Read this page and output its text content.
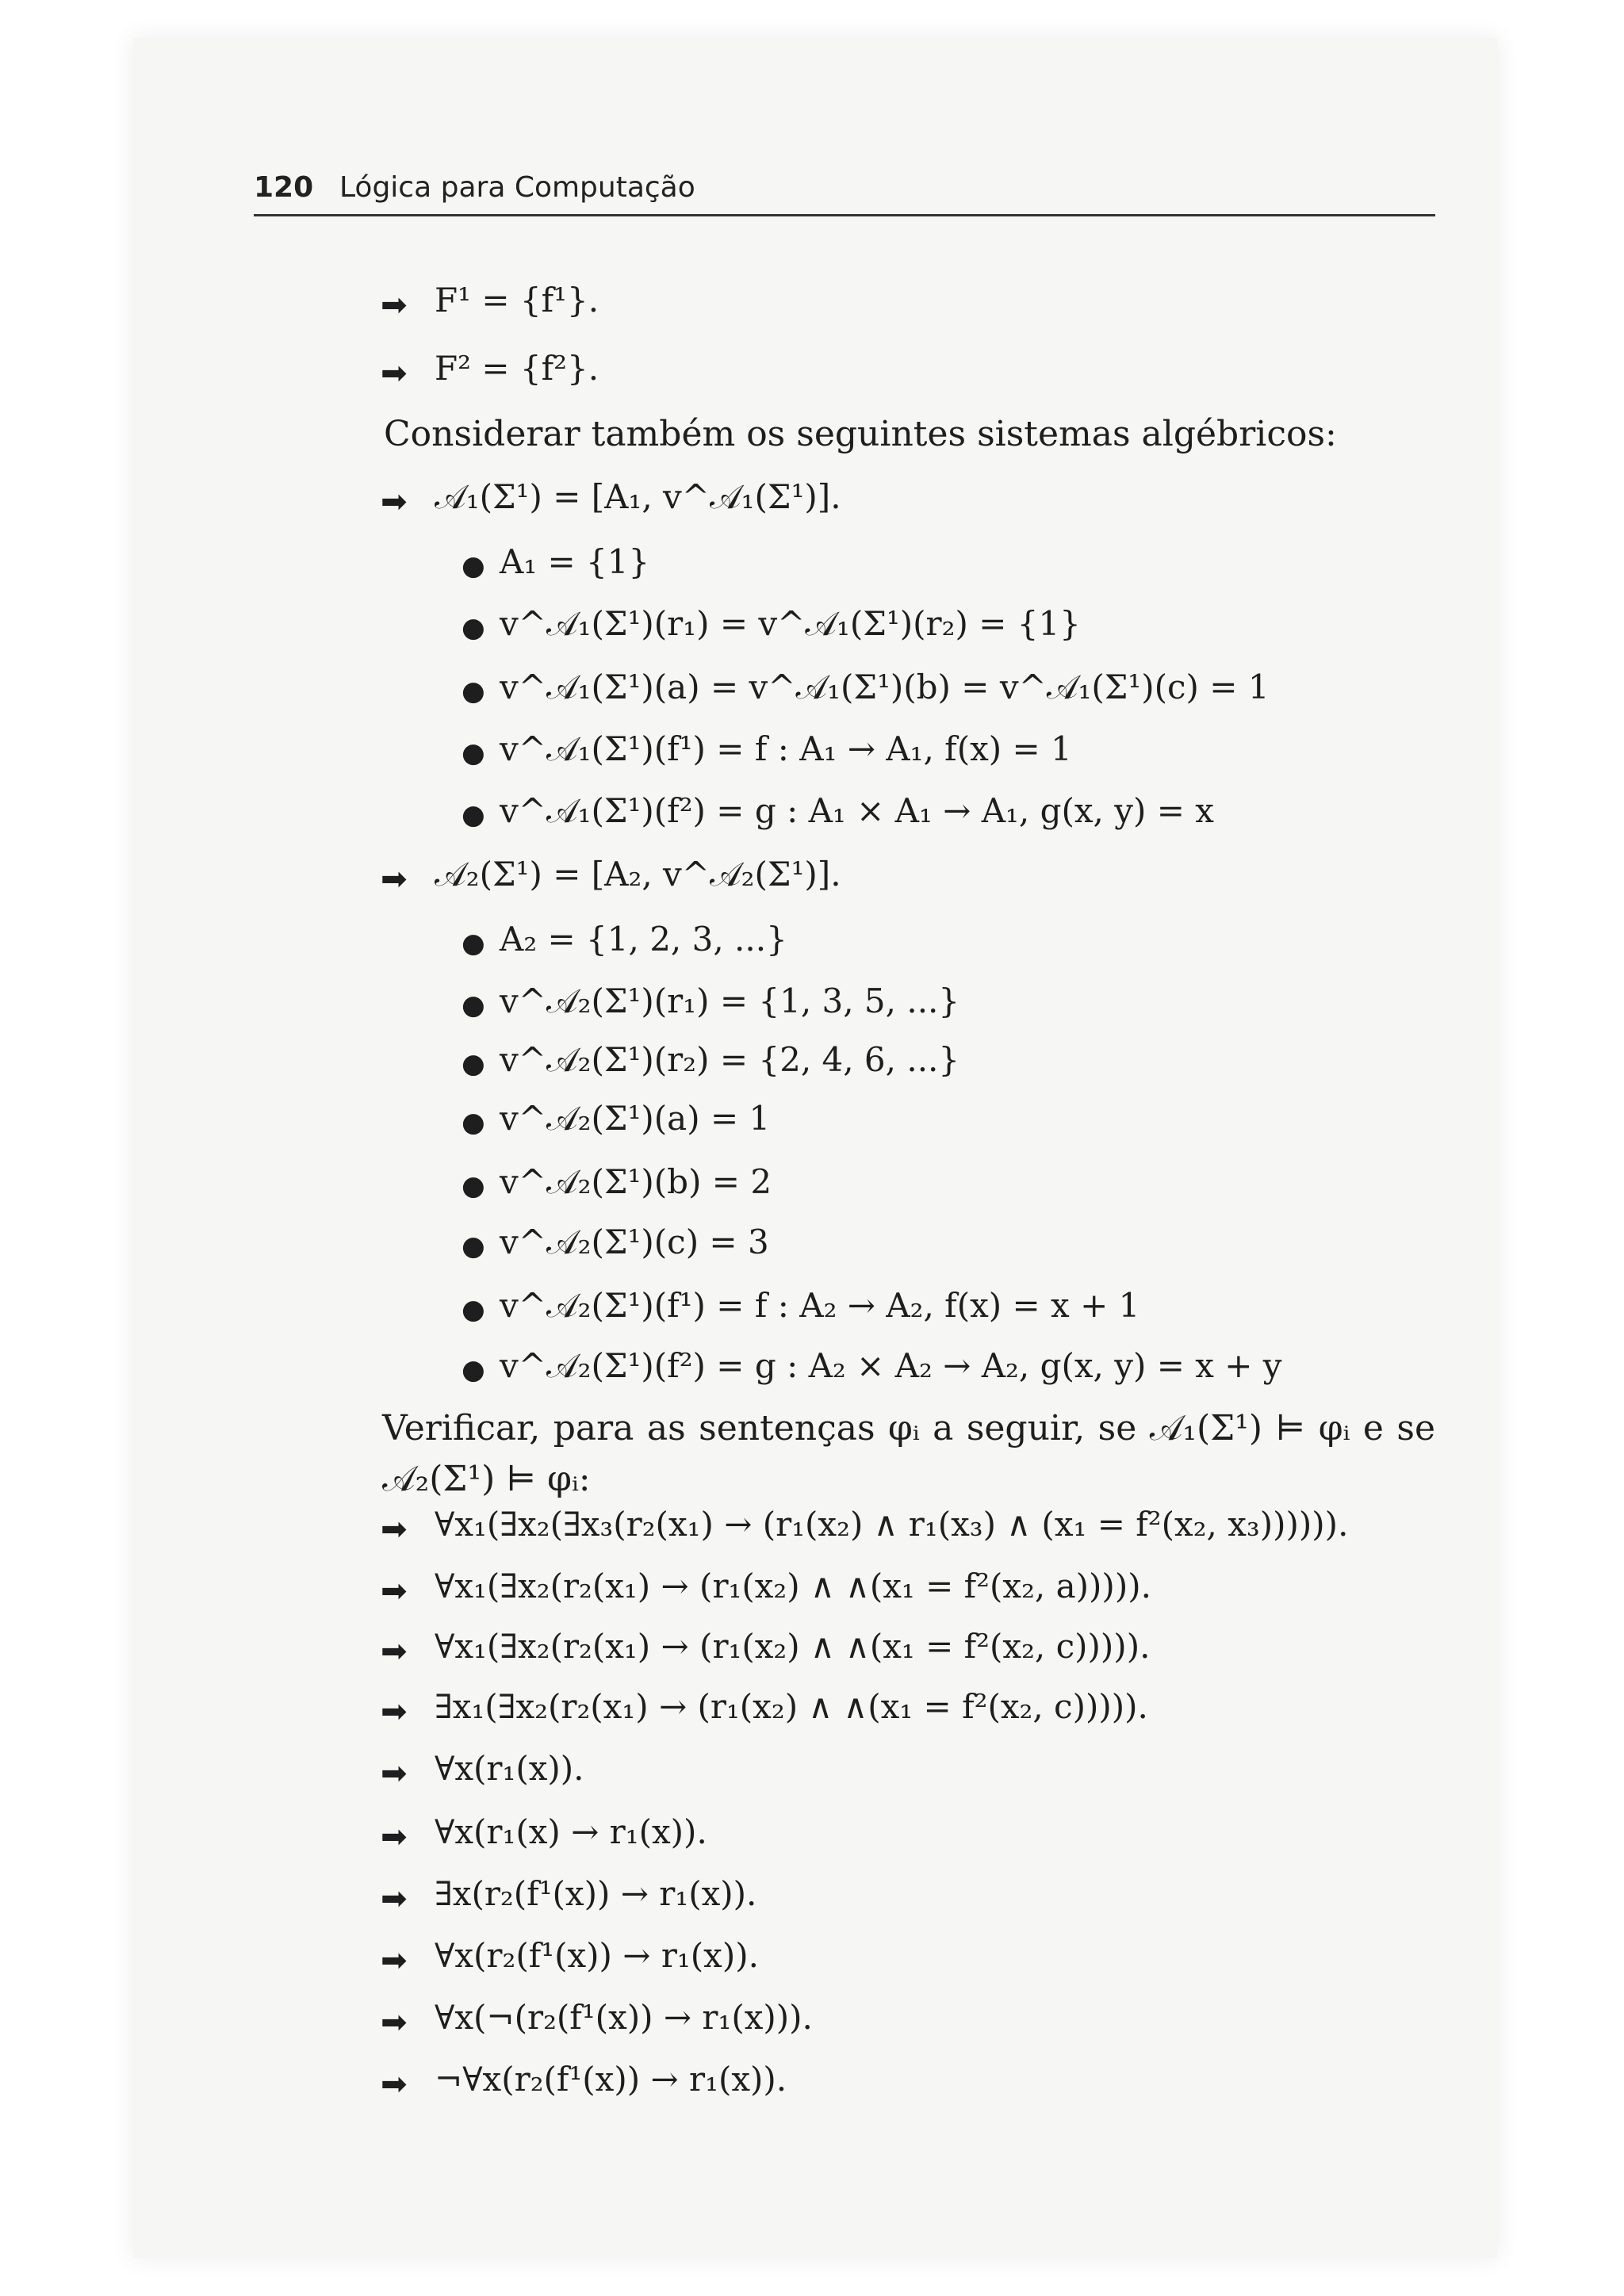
120 Lógica para Computação
➡ F¹ = {f¹}.
➡ F² = {f²}.
Considerar também os seguintes sistemas algébricos:
➡ 𝒜₁(Σ¹) = [A₁, v^𝒜₁(Σ¹)].
● A₁ = {1}
● v^𝒜₁(Σ¹)(r₁) = v^𝒜₁(Σ¹)(r₂) = {1}
● v^𝒜₁(Σ¹)(a) = v^𝒜₁(Σ¹)(b) = v^𝒜₁(Σ¹)(c) = 1
● v^𝒜₁(Σ¹)(f¹) = f : A₁ → A₁, f(x) = 1
● v^𝒜₁(Σ¹)(f²) = g : A₁ × A₁ → A₁, g(x, y) = x
➡ 𝒜₂(Σ¹) = [A₂, v^𝒜₂(Σ¹)].
● A₂ = {1, 2, 3, ...}
● v^𝒜₂(Σ¹)(r₁) = {1, 3, 5, ...}
● v^𝒜₂(Σ¹)(r₂) = {2, 4, 6, ...}
● v^𝒜₂(Σ¹)(a) = 1
● v^𝒜₂(Σ¹)(b) = 2
● v^𝒜₂(Σ¹)(c) = 3
● v^𝒜₂(Σ¹)(f¹) = f : A₂ → A₂, f(x) = x + 1
● v^𝒜₂(Σ¹)(f²) = g : A₂ × A₂ → A₂, g(x, y) = x + y
Verificar, para as sentenças φᵢ a seguir, se 𝒜₁(Σ¹) ⊨ φᵢ e se 𝒜₂(Σ¹) ⊨ φᵢ:
➡ ∀x₁(∃x₂(∃x₃(r₂(x₁) → (r₁(x₂) ∧ r₁(x₃) ∧ (x₁ = f²(x₂, x₃)))))).
➡ ∀x₁(∃x₂(r₂(x₁) → (r₁(x₂) ∧ ∧(x₁ = f²(x₂, a))))).
➡ ∀x₁(∃x₂(r₂(x₁) → (r₁(x₂) ∧ ∧(x₁ = f²(x₂, c))))).
➡ ∃x₁(∃x₂(r₂(x₁) → (r₁(x₂) ∧ ∧(x₁ = f²(x₂, c))))).
➡ ∀x(r₁(x)).
➡ ∀x(r₁(x) → r₁(x)).
➡ ∃x(r₂(f¹(x)) → r₁(x)).
➡ ∀x(r₂(f¹(x)) → r₁(x)).
➡ ∀x(¬(r₂(f¹(x)) → r₁(x))).
➡ ¬∀x(r₂(f¹(x)) → r₁(x)).
